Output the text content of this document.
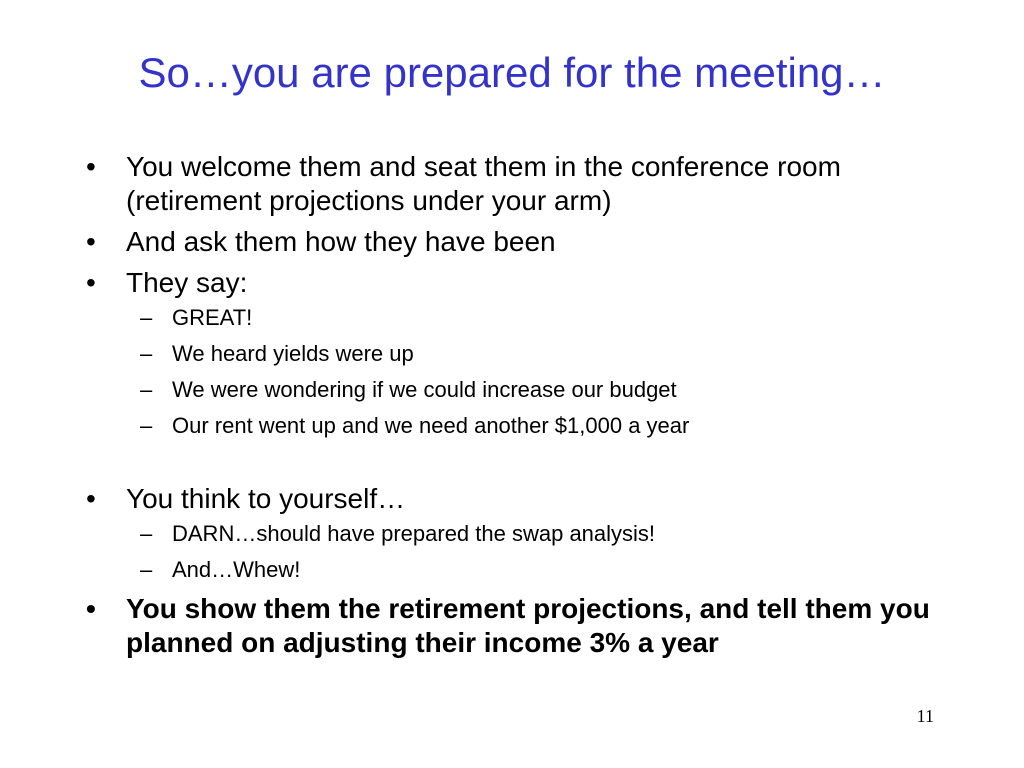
So…you are prepared for the meeting…
•	You welcome them and seat them in the conference room (retirement projections under your arm)
•	And ask them how they have been
•	They say:
– GREAT!
– We heard yields were up
– We were wondering if we could increase our budget
– Our rent went up and we need another $1,000 a year
•	You think to yourself…
– DARN…should have prepared the swap analysis!
– And…Whew!
•	You show them the retirement projections, and tell them you planned on adjusting their income 3% a year
11
